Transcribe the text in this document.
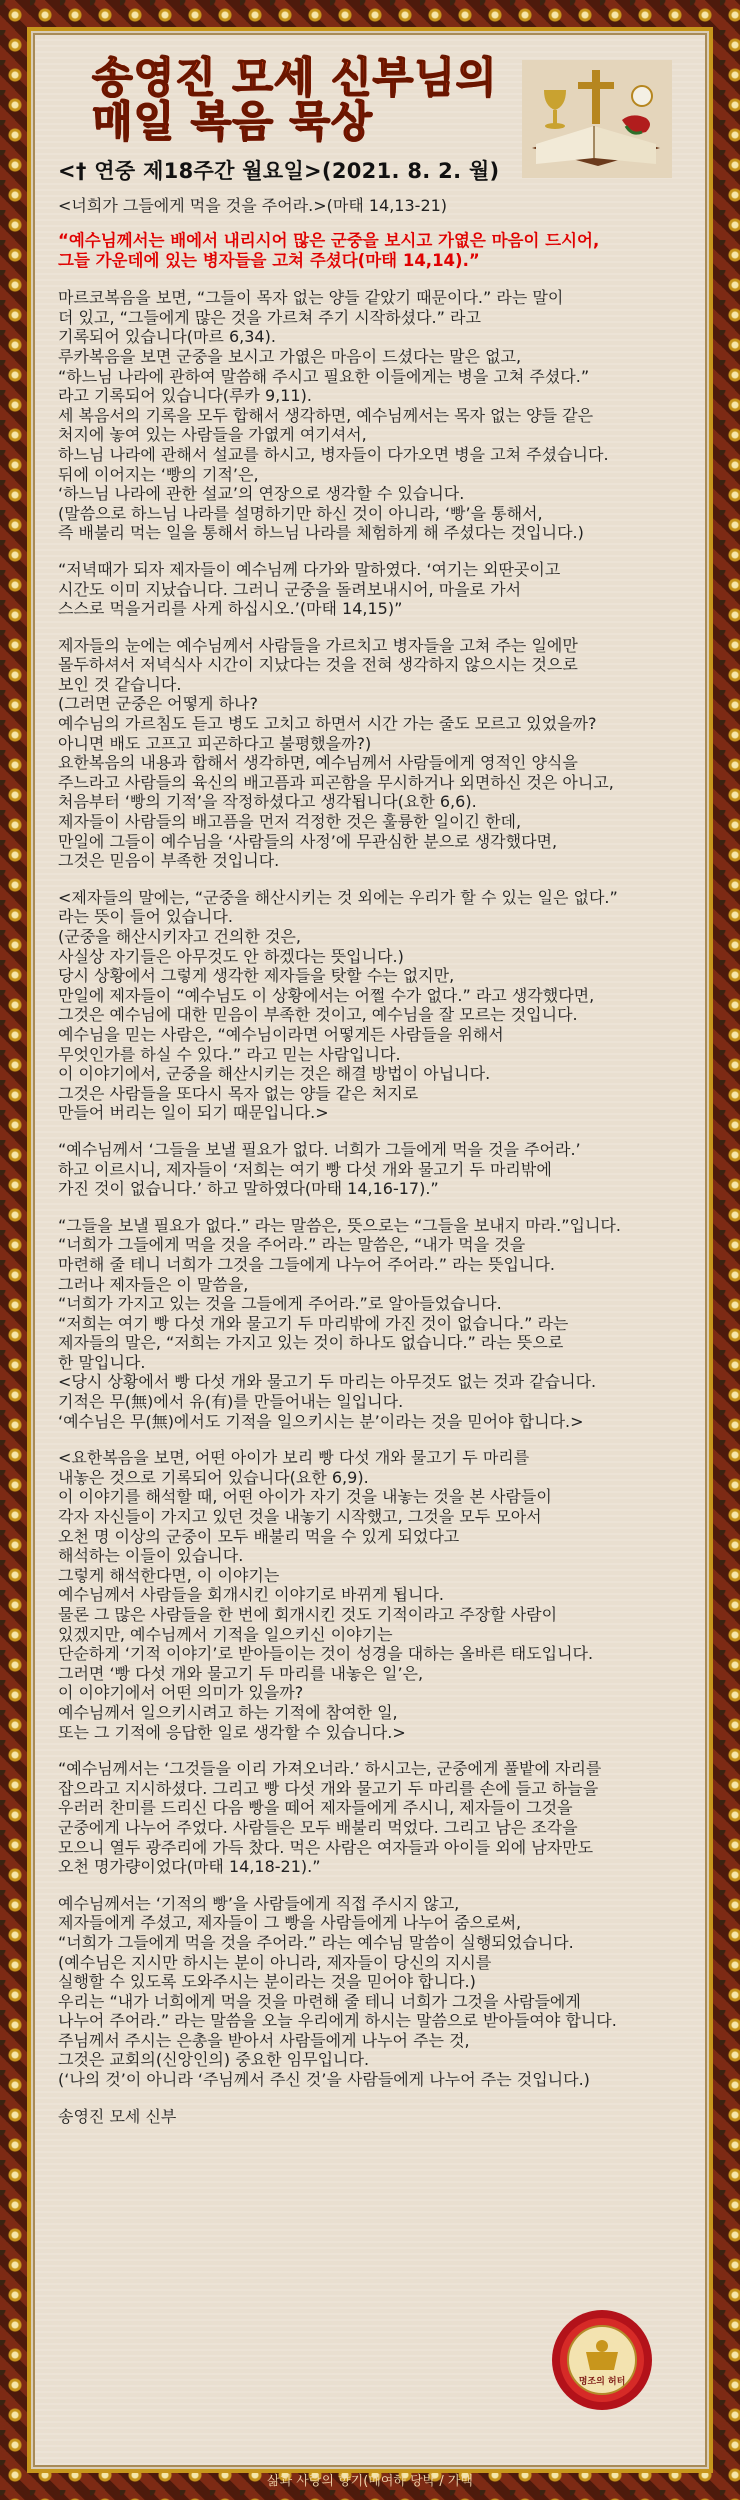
송영진 모세 신부님의
매일 복음 묵상
<† 연중 제18주간 월요일>(2021. 8. 2. 월)
<너희가 그들에게 먹을 것을 주어라.>(마태 14,13-21)
“예수님께서는 배에서 내리시어 많은 군중을 보시고 가엾은 마음이 드시어,
그들 가운데에 있는 병자들을 고쳐 주셨다(마태 14,14).”
마르코복음을 보면, “그들이 목자 없는 양들 같았기 때문이다.” 라는 말이
더 있고, “그들에게 많은 것을 가르쳐 주기 시작하셨다.” 라고
기록되어 있습니다(마르 6,34).
루카복음을 보면 군중을 보시고 가엾은 마음이 드셨다는 말은 없고,
“하느님 나라에 관하여 말씀해 주시고 필요한 이들에게는 병을 고쳐 주셨다.”
라고 기록되어 있습니다(루카 9,11).
세 복음서의 기록을 모두 합해서 생각하면, 예수님께서는 목자 없는 양들 같은
처지에 놓여 있는 사람들을 가엾게 여기셔서,
하느님 나라에 관해서 설교를 하시고, 병자들이 다가오면 병을 고쳐 주셨습니다.
뒤에 이어지는 ‘빵의 기적’은,
‘하느님 나라에 관한 설교’의 연장으로 생각할 수 있습니다.
(말씀으로 하느님 나라를 설명하기만 하신 것이 아니라, ‘빵’을 통해서,
즉 배불리 먹는 일을 통해서 하느님 나라를 체험하게 해 주셨다는 것입니다.)
“저녁때가 되자 제자들이 예수님께 다가와 말하였다. ‘여기는 외딴곳이고
시간도 이미 지났습니다. 그러니 군중을 돌려보내시어, 마을로 가서
스스로 먹을거리를 사게 하십시오.’(마태 14,15)”
제자들의 눈에는 예수님께서 사람들을 가르치고 병자들을 고쳐 주는 일에만
몰두하셔서 저녁식사 시간이 지났다는 것을 전혀 생각하지 않으시는 것으로
보인 것 같습니다.
(그러면 군중은 어떻게 하나?
예수님의 가르침도 듣고 병도 고치고 하면서 시간 가는 줄도 모르고 있었을까?
아니면 배도 고프고 피곤하다고 불평했을까?)
요한복음의 내용과 합해서 생각하면, 예수님께서 사람들에게 영적인 양식을
주느라고 사람들의 육신의 배고픔과 피곤함을 무시하거나 외면하신 것은 아니고,
처음부터 ‘빵의 기적’을 작정하셨다고 생각됩니다(요한 6,6).
제자들이 사람들의 배고픔을 먼저 걱정한 것은 훌륭한 일이긴 한데,
만일에 그들이 예수님을 ‘사람들의 사정’에 무관심한 분으로 생각했다면,
그것은 믿음이 부족한 것입니다.
<제자들의 말에는, “군중을 해산시키는 것 외에는 우리가 할 수 있는 일은 없다.”
라는 뜻이 들어 있습니다.
(군중을 해산시키자고 건의한 것은,
사실상 자기들은 아무것도 안 하겠다는 뜻입니다.)
당시 상황에서 그렇게 생각한 제자들을 탓할 수는 없지만,
만일에 제자들이 “예수님도 이 상황에서는 어쩔 수가 없다.” 라고 생각했다면,
그것은 예수님에 대한 믿음이 부족한 것이고, 예수님을 잘 모르는 것입니다.
예수님을 믿는 사람은, “예수님이라면 어떻게든 사람들을 위해서
무엇인가를 하실 수 있다.” 라고 믿는 사람입니다.
이 이야기에서, 군중을 해산시키는 것은 해결 방법이 아닙니다.
그것은 사람들을 또다시 목자 없는 양들 같은 처지로
만들어 버리는 일이 되기 때문입니다.>
“예수님께서 ‘그들을 보낼 필요가 없다. 너희가 그들에게 먹을 것을 주어라.’
하고 이르시니, 제자들이 ‘저희는 여기 빵 다섯 개와 물고기 두 마리밖에
가진 것이 없습니다.’ 하고 말하였다(마태 14,16-17).”
“그들을 보낼 필요가 없다.” 라는 말씀은, 뜻으로는 “그들을 보내지 마라.”입니다.
“너희가 그들에게 먹을 것을 주어라.” 라는 말씀은, “내가 먹을 것을
마련해 줄 테니 너희가 그것을 그들에게 나누어 주어라.” 라는 뜻입니다.
그러나 제자들은 이 말씀을,
“너희가 가지고 있는 것을 그들에게 주어라.”로 알아들었습니다.
“저희는 여기 빵 다섯 개와 물고기 두 마리밖에 가진 것이 없습니다.” 라는
제자들의 말은, “저희는 가지고 있는 것이 하나도 없습니다.” 라는 뜻으로
한 말입니다.
<당시 상황에서 빵 다섯 개와 물고기 두 마리는 아무것도 없는 것과 같습니다.
기적은 무(無)에서 유(有)를 만들어내는 일입니다.
‘예수님은 무(無)에서도 기적을 일으키시는 분’이라는 것을 믿어야 합니다.>
<요한복음을 보면, 어떤 아이가 보리 빵 다섯 개와 물고기 두 마리를
내놓은 것으로 기록되어 있습니다(요한 6,9).
이 이야기를 해석할 때, 어떤 아이가 자기 것을 내놓는 것을 본 사람들이
각자 자신들이 가지고 있던 것을 내놓기 시작했고, 그것을 모두 모아서
오천 명 이상의 군중이 모두 배불리 먹을 수 있게 되었다고
해석하는 이들이 있습니다.
그렇게 해석한다면, 이 이야기는
예수님께서 사람들을 회개시킨 이야기로 바뀌게 됩니다.
물론 그 많은 사람들을 한 번에 회개시킨 것도 기적이라고 주장할 사람이
있겠지만, 예수님께서 기적을 일으키신 이야기는
단순하게 ‘기적 이야기’로 받아들이는 것이 성경을 대하는 올바른 태도입니다.
그러면 ‘빵 다섯 개와 물고기 두 마리를 내놓은 일’은,
이 이야기에서 어떤 의미가 있을까?
예수님께서 일으키시려고 하는 기적에 참여한 일,
또는 그 기적에 응답한 일로 생각할 수 있습니다.>
“예수님께서는 ‘그것들을 이리 가져오너라.’ 하시고는, 군중에게 풀밭에 자리를
잡으라고 지시하셨다. 그리고 빵 다섯 개와 물고기 두 마리를 손에 들고 하늘을
우러러 찬미를 드리신 다음 빵을 떼어 제자들에게 주시니, 제자들이 그것을
군중에게 나누어 주었다. 사람들은 모두 배불리 먹었다. 그리고 남은 조각을
모으니 열두 광주리에 가득 찼다. 먹은 사람은 여자들과 아이들 외에 남자만도
오천 명가량이었다(마태 14,18-21).”
예수님께서는 ‘기적의 빵’을 사람들에게 직접 주시지 않고,
제자들에게 주셨고, 제자들이 그 빵을 사람들에게 나누어 줌으로써,
“너희가 그들에게 먹을 것을 주어라.” 라는 예수님 말씀이 실행되었습니다.
(예수님은 지시만 하시는 분이 아니라, 제자들이 당신의 지시를
실행할 수 있도록 도와주시는 분이라는 것을 믿어야 합니다.)
우리는 “내가 너희에게 먹을 것을 마련해 줄 테니 너희가 그것을 사람들에게
나누어 주어라.” 라는 말씀을 오늘 우리에게 하시는 말씀으로 받아들여야 합니다.
주님께서 주시는 은총을 받아서 사람들에게 나누어 주는 것,
그것은 교회의(신앙인의) 중요한 임무입니다.
(‘나의 것’이 아니라 ‘주님께서 주신 것’을 사람들에게 나누어 주는 것입니다.)
송영진 모세 신부
명조의 허터
삶과 사랑의 향기(매여하 당박 / 가백
